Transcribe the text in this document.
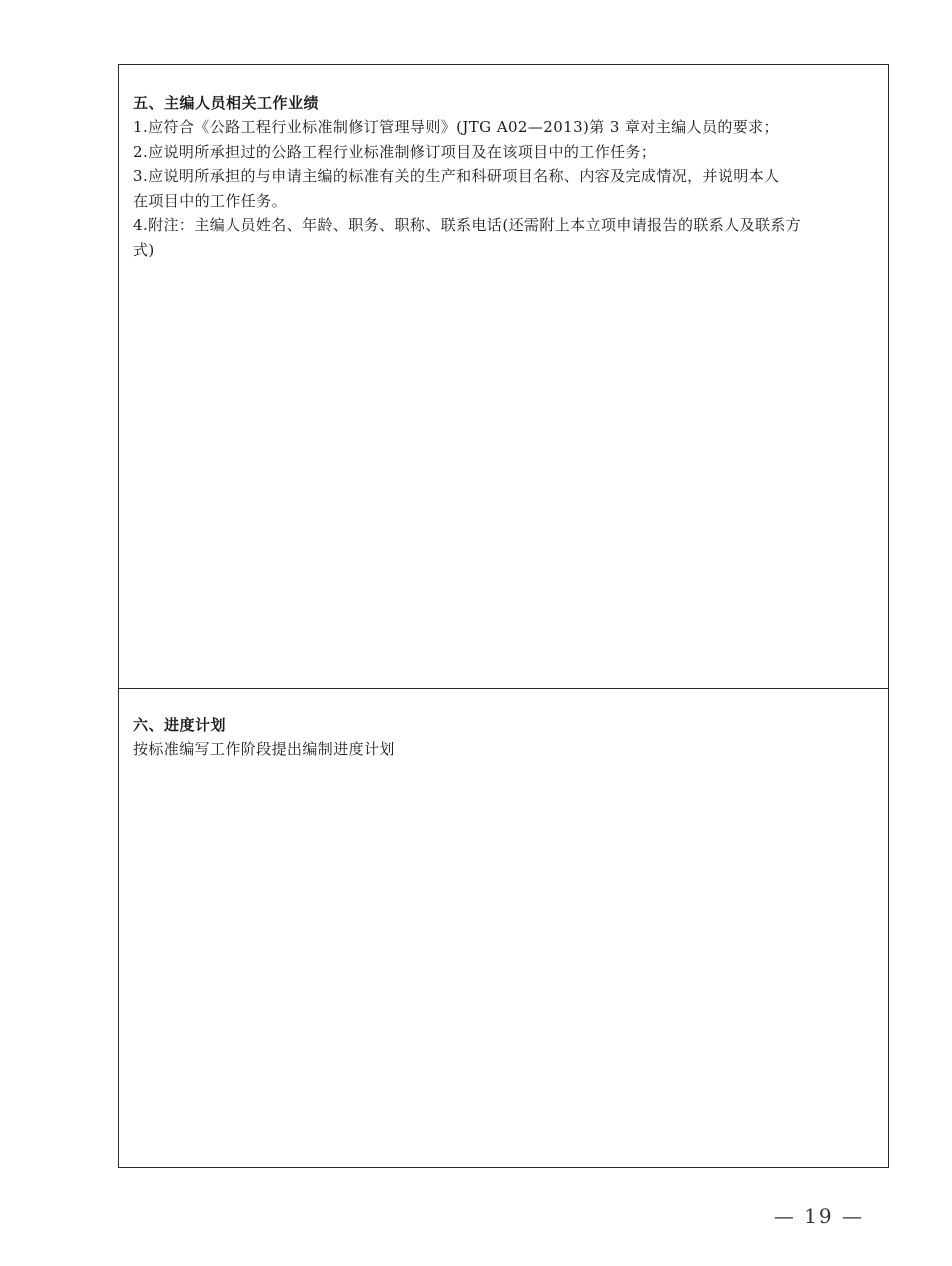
五、主编人员相关工作业绩

1.应符合《公路工程行业标准制修订管理导则》(JTG A02—2013)第 3 章对主编人员的要求；

2.应说明所承担过的公路工程行业标准制修订项目及在该项目中的工作任务；

3.应说明所承担的与申请主编的标准有关的生产和科研项目名称、内容及完成情况，并说明本人

在项目中的工作任务。

4.附注：主编人员姓名、年龄、职务、职称、联系电话(还需附上本立项申请报告的联系人及联系方

式)

六、进度计划

按标准编写工作阶段提出编制进度计划

— 19 —
